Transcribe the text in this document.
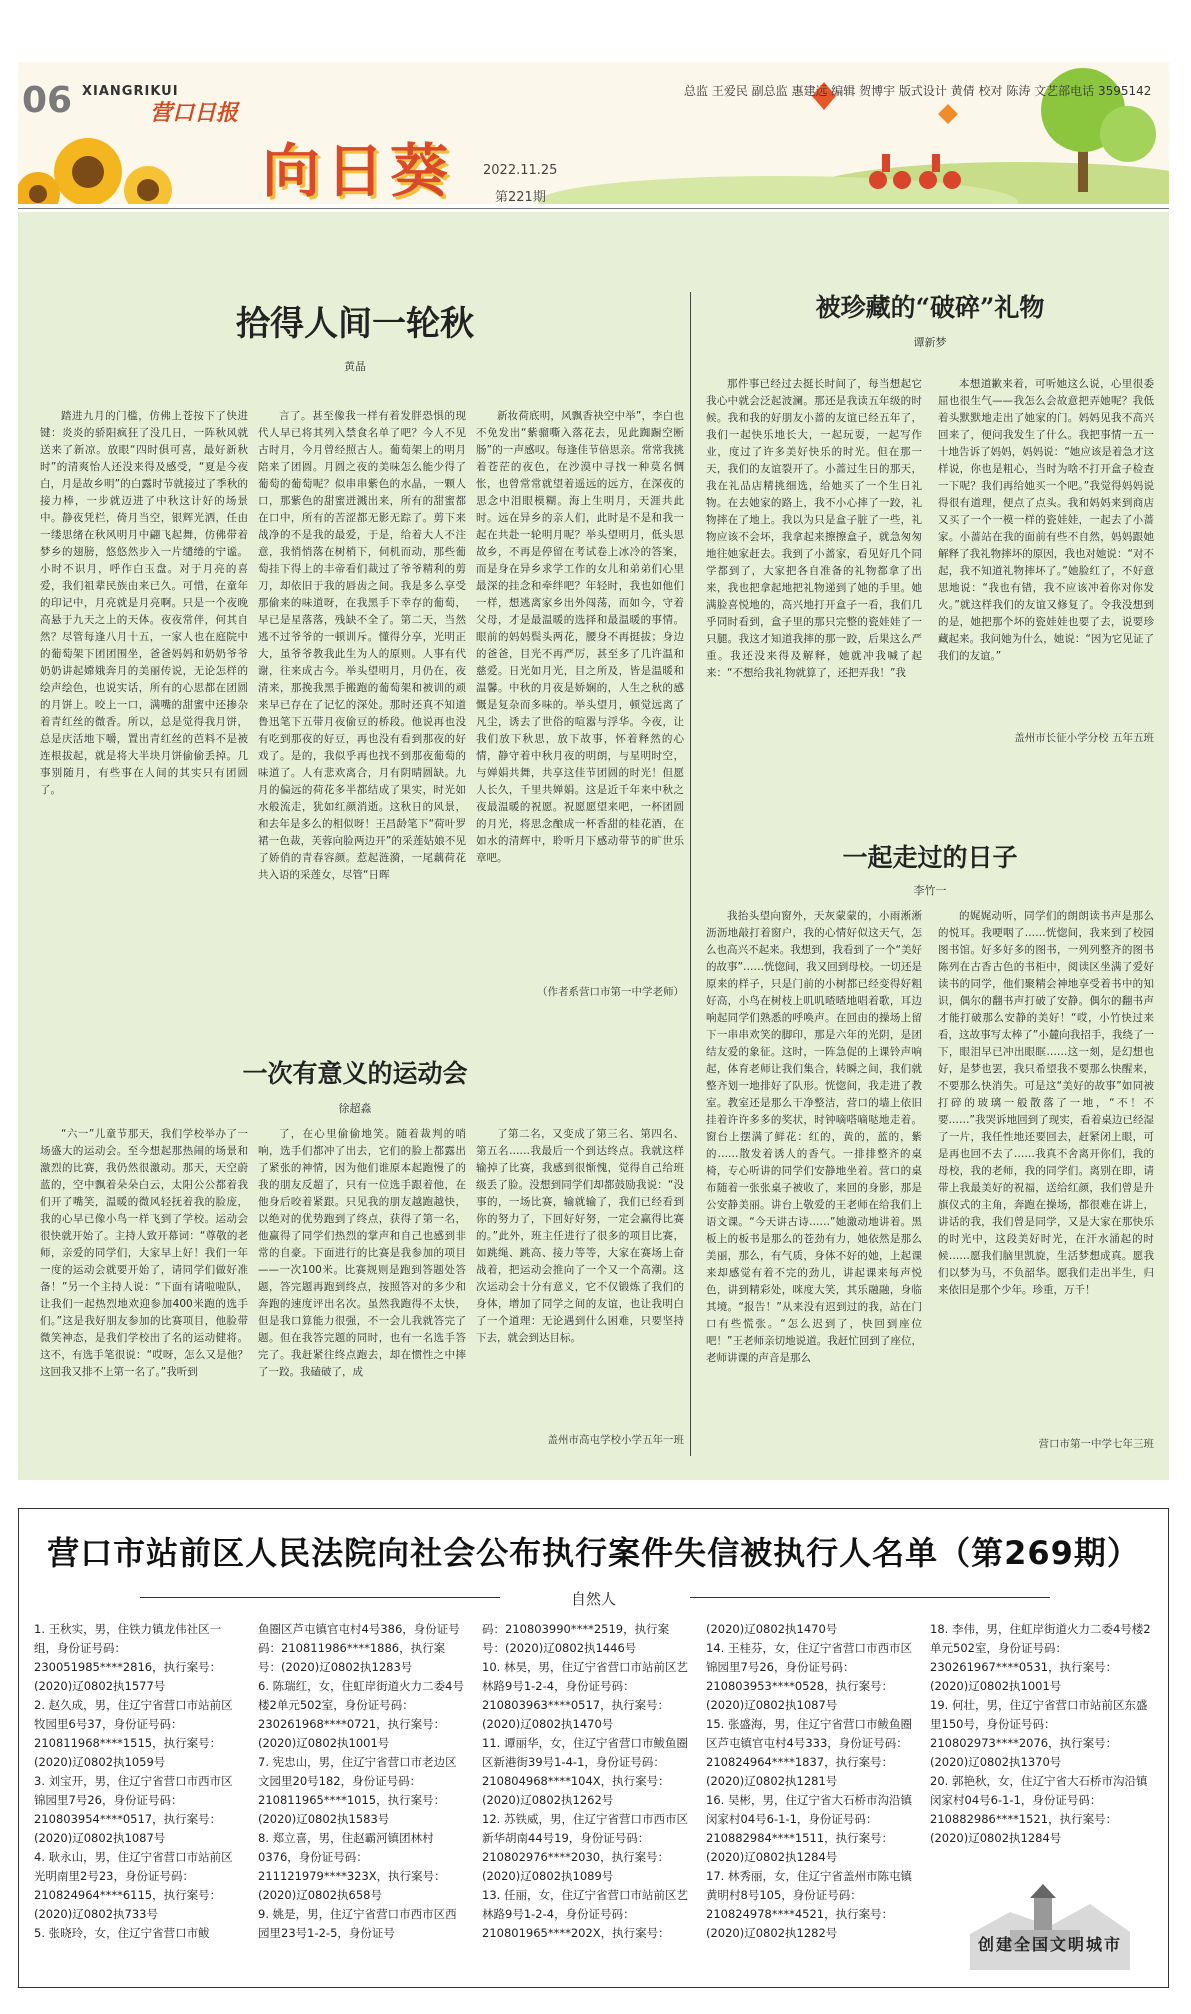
06 XIANGRIKUI
营口日报
向日葵 2022.11.25
第221期
总监 王爱民 副总监 惠建远 编辑 贺博宇 版式设计 黄倩 校对 陈涛 文艺部电话 3595142
拾得人间一轮秋
黄晶

踏进九月的门槛，仿佛上苍按下了快进键：炎炎的骄阳疯狂了没几日，一阵秋风就送来了新凉。放眼“四时俱可喜，最好新秋时”的清爽怡人还没来得及感受，“夏是今夜白，月是故乡明”的白露时节就接过了季秋的接力棒，一步就迈进了中秋这计好的场景中。静夜凭栏，倚月当空，银辉光洒，任由一缕思绪在秋风明月中翩飞起舞，仿佛带着梦乡的翅膀，悠悠然步入一片缱绻的宁谧。小时不识月，呼作白玉盘。对于月亮的喜爱，我们祖辈民族由来已久。可惜，在童年的印记中，月亮就是月亮啊。只是一个夜晚高悬于九天之上的天体。夜夜常伴，何其自然？尽管每逢八月十五，一家人也在庭院中的葡萄架下团团围坐，爸爸妈妈和奶奶爷爷奶奶讲起嫦娥奔月的美丽传说，无论怎样的绘声绘色，也说实话，所有的心思都在团圆的月饼上。咬上一口，满嘴的甜蜜中还掺杂着青红丝的微香。所以，总是觉得我月饼，总是庆活地下嚼，置出青红丝的芭料不是被连根拔起，就是将大半块月饼偷偷丢掉。几事别随月，有些事在人间的其实只有团圆了。

言了。甚至像我一样有着发胖恐惧的现代人早已将其列入禁食名单了吧？今人不见古时月，今月曾经照古人。葡萄架上的明月陪来了团圆。月圆之夜的美味怎么能少得了葡萄的葡萄呢？似串串紫色的水晶，一颗人口，那紫色的甜蜜迸溅出来，所有的甜蜜都在口中，所有的苦涩都无影无踪了。剪下来战净的不是我的最爱，于是，给着大人不注意，我悄悄落在树梢下，伺机而动，那些葡萄挂下得上的丰帝看们裁过了爷爷精利的剪刀，却依旧于我的唇齿之间。我是多么享受那偷来的味道呀，在我黑手下幸存的葡萄，早已是星落落，残缺不全了。第二天，当然逃不过爷爷的一顿训斥。懂得分享，光明正大，虽爷爷教我此生为人的原则。人事有代谢，往来成古今。举头望明月，月仍在，夜清来，那挽我黑手搬跑的葡萄架和被训的顽来早已存在了记忆的深处。那时还真不知道鲁迅笔下五带月夜偷豆的桥段。他说再也没有吃到那夜的好豆，再也没有看到那夜的好戏了。是的，我似乎再也找不到那夜葡萄的味道了。人有悲欢离合，月有阴晴圆缺。九月的偏远的荷花多半都结成了果实，时光如水般流走，犹如红颜消逝。这秋日的风景，和去年是多么的相似呀！王昌龄笔下“荷叶罗裙一色裁，芙蓉向脸两边开”的采莲姑娘不见了娇俏的青春容颜。惹起涟漪，一尾藕荷花共入语的采莲女，尽管“日晖

新妆荷底明，风飘香袂空中举”，李白也不免发出“紫骝嘶入落花去，见此踟蹰空断肠”的一声感叹。每逢佳节倍思亲。常常我挑着苍茫的夜色，在沙漠中寻找一种莫名惆怅，也曾常常就望着遥远的远方，在深夜的思念中泪眼模糊。海上生明月，天涯共此时。远在异乡的亲人们，此时是不是和我一起在共赴一轮明月呢？举头望明月，低头思故乡，不再是停留在考试卷上冰冷的答案，而是身在异乡求学工作的女儿和弟弟们心里最深的挂念和牵绊吧？年轻时，我也如他们一样，想逃离家乡出外闯荡，而如今，守着父母，才是最温暖的选择和最温暖的事情。眼前的妈妈鬓头两花，腰身不再挺拔；身边的爸爸，目光不再严厉，甚至多了几许温和慈爱。日光如月光，目之所及，皆是温暖和温馨。中秋的月夜是娇娴的，人生之秋的感慨是复杂而多味的。举头望月，顿觉远离了凡尘，诱去了世俗的喧嚣与浮华。今夜，让我们放下秋思，放下故事，怀着释然的心情，静守着中秋月夜的明朗，与星明时空，与婵娟共舞，共享这佳节团圆的时光！但愿人长久，千里共婵娟。这是近千年来中秋之夜最温暖的祝愿。祝愿愿望来吧，一杯团圆的月光，将思念酿成一杯香甜的桂花酒，在如水的清辉中，聆听月下感动带节的旷世乐章吧。

（作者系营口市第一中学老师）
一次有意义的运动会
徐超淼

“六一”儿童节那天，我们学校举办了一场盛大的运动会。至今想起那热闹的场景和激烈的比赛，我仍然很激动。那天，天空蔚蓝的，空中飘着朵朵白云，太阳公公都着我们开了嘴笑，温暖的微风轻抚着我的脸庞，我的心早已像小鸟一样飞到了学校。运动会很快就开始了。主持人致开幕词：“尊敬的老师，亲爱的同学们，大家早上好！我们一年一度的运动会就要开始了，请同学们做好准备！”另一个主持人说：“下面有请啦啦队，让我们一起热烈地欢迎参加400米跑的选手们。”这是我好朋友参加的比赛项目，他脸带微笑神态，是我们学校出了名的运动健将。这不，有选手笔很说：“哎呀，怎么又是他？这回我又排不上第一名了。”我听到

了，在心里偷偷地笑。随着裁判的哨响，选手们都冲了出去，它们的脸上都露出了紧张的神情，因为他们谁原本起跑慢了的我的朋友反超了，只有一位选手跟着他，在他身后咬着紧跟。只见我的朋友越跑越快，以绝对的优势跑到了终点，获得了第一名，他赢得了同学们热烈的掌声和自己也感到非常的自豪。下面进行的比赛是我参加的项目——一次100米。比赛规则是跑到答题处答题，答完题再跑到终点，按照答对的多少和奔跑的速度评出名次。虽然我跑得不太快，但是我口算能力很强，不一会儿我就答完了题。但在我答完题的同时，也有一名选手答完了。我赶紧往终点跑去，却在惯性之中摔了一跤。我磕破了，成

了第二名，又变成了第三名、第四名、第五名……我最后一个到达终点。我就这样输掉了比赛，我感到很惭愧，觉得自己给班级丢了脸。没想到同学们却都鼓励我说：“没事的，一场比赛，输就输了，我们已经看到你的努力了，下回好好努，一定会赢得比赛的。”此外，班主任进行了很多的项目比赛，如跳绳、跳高、接力等等，大家在赛场上奋战着，把运动会推向了一个又一个高潮。这次运动会十分有意义，它不仅锻炼了我们的身体，增加了同学之间的友谊，也让我明白了一个道理：无论遇到什么困难，只要坚持下去，就会到达目标。

盖州市高屯学校小学五年一班
被珍藏的“破碎”礼物
谭新梦

那件事已经过去挺长时间了，每当想起它我心中就会泛起波澜。那还是我读五年级的时候。我和我的好朋友小蔷的友谊已经五年了，我们一起快乐地长大，一起玩耍，一起写作业，度过了许多美好快乐的时光。但在那一天，我们的友谊裂开了。小蔷过生日的那天，我在礼品店精挑细选，给她买了一个生日礼物。在去她家的路上，我不小心摔了一跤，礼物摔在了地上。我以为只是盒子脏了一些，礼物应该不会坏，我拿起来擦擦盒子，就急匆匆地往她家赶去。我到了小蔷家，看见好几个同学都到了，大家把各自准备的礼物都拿了出来，我也把拿起地把礼物递到了她的手里。她满脸喜悦地的，高兴地打开盒子一看，我们几乎同时看到，盒子里的那只完整的瓷娃娃了一只腿。我这才知道我摔的那一跤，后果这么严重。我还没来得及解释，她就冲我喊了起来：“不想给我礼物就算了，还把弄我！”我

本想道歉来着，可听她这么说，心里很委屈也很生气——我怎么会故意把弄她呢？我低着头默默地走出了她家的门。妈妈见我不高兴回来了，便问我发生了什么。我把事情一五一十地告诉了妈妈，妈妈说：“她应该是着急才这样说，你也是粗心，当时为啥不打开盒子检查一下呢？我们再给她买一个吧。”我觉得妈妈说得很有道理，便点了点头。我和妈妈来到商店又买了一个一模一样的瓷娃娃，一起去了小蔷家。小蔷站在我的面前有些不自然，妈妈跟她解释了我礼物摔坏的原因，我也对她说：“对不起，我不知道礼物摔坏了。”她脸红了，不好意思地说：“我也有错，我不应该冲着你对你发火。”就这样我们的友谊又修复了。令我没想到的是，她把那个坏的瓷娃娃也要了去，说要珍藏起来。我问她为什么，她说：“因为它见证了我们的友谊。”

盖州市长征小学分校 五年五班
一起走过的日子
李竹一

我抬头望向窗外，天灰蒙蒙的，小雨淅淅沥沥地敲打着窗户，我的心情好似这天气，怎么也高兴不起来。我想到，我看到了一个“美好的故事”……恍惚间，我又回到母校。一切还是原来的样子，只是门前的小树都已经变得好粗好高，小鸟在树枝上叽叽喳喳地唱着歌，耳边响起同学们熟悉的呼唤声。在回由的操场上留下一串串欢笑的脚印，那是六年的光阴，是团结友爱的象征。这时，一阵急促的上课铃声响起，体育老师让我们集合，转瞬之间，我们就整齐划一地排好了队形。恍惚间，我走进了教室。教室还是那么干净整洁，营口的墙上依旧挂着许许多多的奖状，时钟嘀嗒嘀哒地走着。窗台上摆满了鲜花：红的，黄的，蓝的，紫的……散发着诱人的香气。一排排整齐的桌椅，专心听讲的同学们安静地坐着。营口的桌布随着一张张桌子被收了，来回的身影，那是公安静美丽。讲台上敬爱的王老师在给我们上语文课。“今天讲古诗……”她激动地讲着。黑板上的板书是那么的苍劲有力，她依然是那么美丽，那么，有气质，身体不好的她，上起课来却感觉有着不完的劲儿，讲起课来每声悦色，讲到精彩处，咪度大笑，其乐融融，身临其境。“报告！”从来没有迟到过的我，站在门口有些慌张。“怎么迟到了，快回到座位吧！”王老师亲切地说道。我赶忙回到了座位，老师讲课的声音是那么

的娓娓动听，同学们的朗朗读书声是那么的悦耳。我哽咽了……恍惚间，我来到了校园图书馆。好多好多的图书，一列列整齐的图书陈列在古香古色的书柜中，阅读区坐满了爱好读书的同学，他们聚精会神地享受着书中的知识，偶尔的翻书声打破了安静。偶尔的翻书声才能打破那么安静的美好！“哎，小竹快过来看，这故事写太棒了”小麓向我招手，我绕了一下，眼泪早已冲出眼眶……这一刻，是幻想也好，是梦也罢，我只希望我不要那么快醒来，不要那么快消失。可是这“美好的故事”如同被打碎的玻璃一般散落了一地，“不！不要……”我哭诉地回到了现实，看着桌边已经湿了一片，我任性地还要回去，赶紧闭上眼，可是再也回不去了……我真不舍离开你们，我的母校，我的老师，我的同学们。离别在即，请带上我最美好的祝福，送给红颜，我们曾是升旗仪式的主角，奔跑在操场，都很难在讲上，讲话的我，我们曾是同学，又是大家在那快乐的时光中，这段美好时光，在汗水涌起的时候……愿我们脑里凯旋，生活梦想成真。愿我们以梦为马，不负韶华。愿我们走出半生，归来依旧是那个少年。珍重，万千！

营口市第一中学七年三班
营口市站前区人民法院向社会公布执行案件失信被执行人名单（第269期）
自然人
1. 王秋实，男，住铁力镇龙伟社区一组，身份证号码：230051985****2816，执行案号：(2020)辽0802执1577号
2. 赵久成，男，住辽宁省营口市站前区牧园里6号37，身份证号码：210811968****1515，执行案号：(2020)辽0802执1059号
3. 刘宝开，男，住辽宁省营口市西市区锦园里7号26，身份证号码：210803954****0517，执行案号：(2020)辽0802执1087号
4. 耿永山，男，住辽宁省营口市站前区光明南里2号23，身份证号码：210824964****6115，执行案号：(2020)辽0802执733号
5. 张晓玲，女，住辽宁省营口市鲅
鱼圈区芦屯镇官屯村4号386，身份证号码：210811986****1886，执行案号：(2020)辽0802执1283号
6. 陈瑞红，女，住虹岸街道火力二委4号楼2单元502室，身份证号码：230261968****0721，执行案号：(2020)辽0802执1001号
7. 宪忠山，男，住辽宁省营口市老边区文园里20号182，身份证号码：210811965****1015，执行案号：(2020)辽0802执1583号
8. 郑立喜，男，住赵霸河镇团林村0376，身份证号码：211121979****323X，执行案号：(2020)辽0802执658号
9. 姚是，男，住辽宁省营口市西市区西园里23号1-2-5，身份证号
码：210803990****2519，执行案号：(2020)辽0802执1446号
10. 林昊，男，住辽宁省营口市站前区艺林路9号1-2-4，身份证号码：210803963****0517，执行案号：(2020)辽0802执1470号
11. 谭丽华，女，住辽宁省营口市鲅鱼圈区新港街39号1-4-1，身份证号码：210804968****104X，执行案号：(2020)辽0802执1262号
12. 苏铁威，男，住辽宁省营口市西市区新华胡南44号19，身份证号码：210802976****2030，执行案号：(2020)辽0802执1089号
13. 任丽，女，住辽宁省营口市站前区艺林路9号1-2-4，身份证号码：210801965****202X，执行案号：
(2020)辽0802执1470号
14. 王桂芬，女，住辽宁省营口市西市区锦园里7号26，身份证号码：210803953****0528，执行案号：(2020)辽0802执1087号
15. 张盛海，男，住辽宁省营口市鲅鱼圈区芦屯镇官屯村4号333，身份证号码：210824964****1837，执行案号：(2020)辽0802执1281号
16. 吴彬，男，住辽宁省大石桥市沟沿镇闵家村04号6-1-1，身份证号码：210882984****1511，执行案号：(2020)辽0802执1284号
17. 林秀丽，女，住辽宁省盖州市陈屯镇黄明村8号105，身份证号码：210824978****4521，执行案号：(2020)辽0802执1282号
18. 李伟，男，住虹岸街道火力二委4号楼2单元502室，身份证号码：230261967****0531，执行案号：(2020)辽0802执1001号
19. 何壮，男，住辽宁省营口市站前区东盛里150号，身份证号码：210802973****2076，执行案号：(2020)辽0802执1370号
20. 郭艳秋，女，住辽宁省大石桥市沟沿镇闵家村04号6-1-1，身份证号码：210882986****1521，执行案号：(2020)辽0802执1284号
创建全国文明城市
